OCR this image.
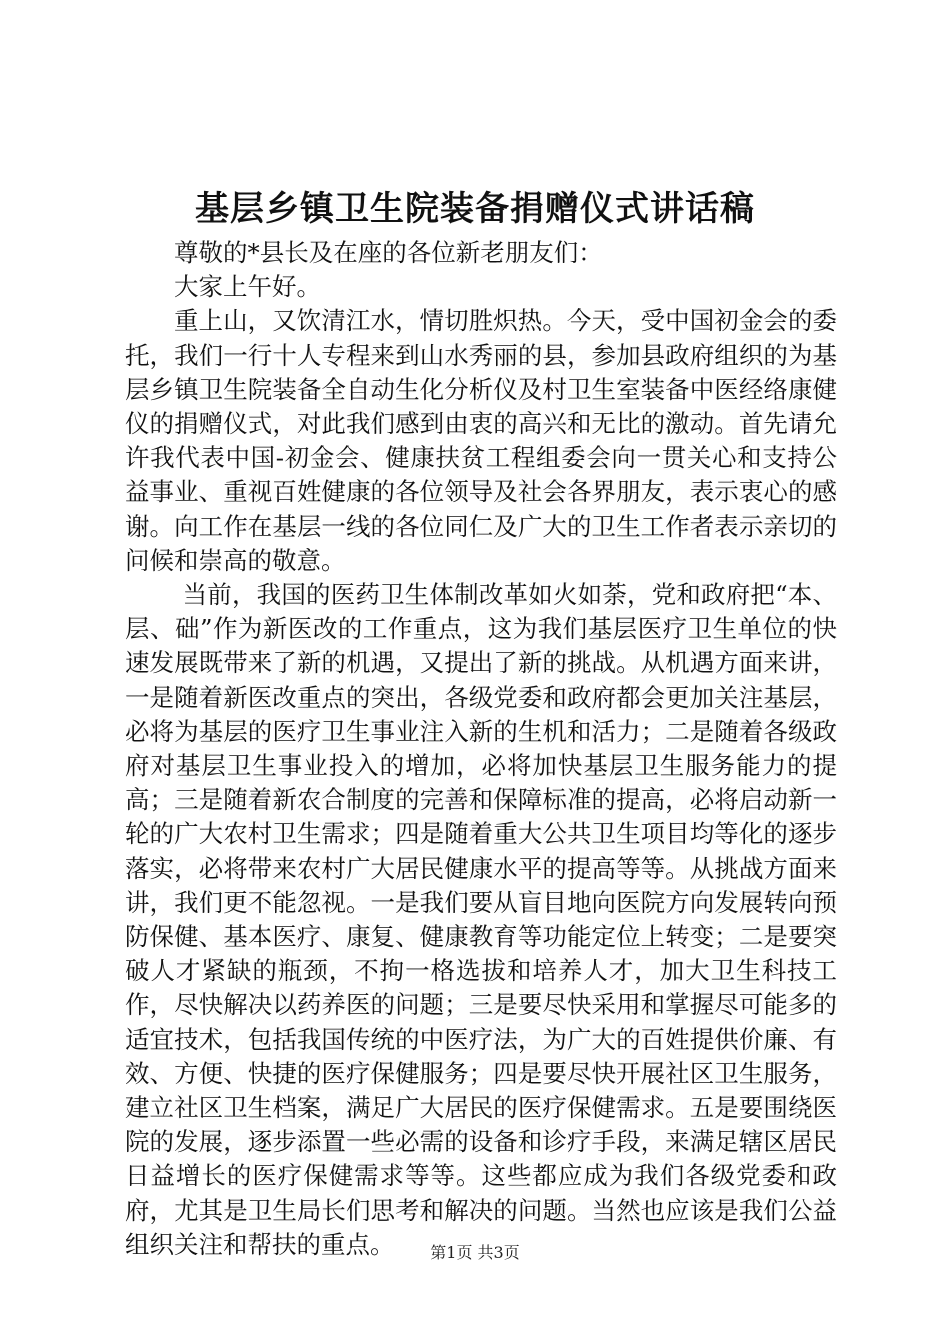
基层乡镇卫生院装备捐赠仪式讲话稿

尊敬的*县长及在座的各位新老朋友们：

大家上午好。

重上山，又饮清江水，情切胜炽热。今天，受中国初金会的委托，我们一行十人专程来到山水秀丽的县，参加县政府组织的为基层乡镇卫生院装备全自动生化分析仪及村卫生室装备中医经络康健仪的捐赠仪式，对此我们感到由衷的高兴和无比的激动。首先请允许我代表中国-初金会、健康扶贫工程组委会向一贯关心和支持公益事业、重视百姓健康的各位领导及社会各界朋友，表示衷心的感谢。向工作在基层一线的各位同仁及广大的卫生工作者表示亲切的问候和崇高的敬意。

当前，我国的医药卫生体制改革如火如荼，党和政府把“本、层、础”作为新医改的工作重点，这为我们基层医疗卫生单位的快速发展既带来了新的机遇，又提出了新的挑战。从机遇方面来讲，一是随着新医改重点的突出，各级党委和政府都会更加关注基层，必将为基层的医疗卫生事业注入新的生机和活力；二是随着各级政府对基层卫生事业投入的增加，必将加快基层卫生服务能力的提高；三是随着新农合制度的完善和保障标准的提高，必将启动新一轮的广大农村卫生需求；四是随着重大公共卫生项目均等化的逐步落实，必将带来农村广大居民健康水平的提高等等。从挑战方面来讲，我们更不能忽视。一是我们要从盲目地向医院方向发展转向预防保健、基本医疗、康复、健康教育等功能定位上转变；二是要突破人才紧缺的瓶颈，不拘一格选拔和培养人才，加大卫生科技工作，尽快解决以药养医的问题；三是要尽快采用和掌握尽可能多的适宜技术，包括我国传统的中医疗法，为广大的百姓提供价廉、有效、方便、快捷的医疗保健服务；四是要尽快开展社区卫生服务，建立社区卫生档案，满足广大居民的医疗保健需求。五是要围绕医院的发展，逐步添置一些必需的设备和诊疗手段，来满足辖区居民日益增长的医疗保健需求等等。这些都应成为我们各级党委和政府，尤其是卫生局长们思考和解决的问题。当然也应该是我们公益组织关注和帮扶的重点。	第1页 共3页
